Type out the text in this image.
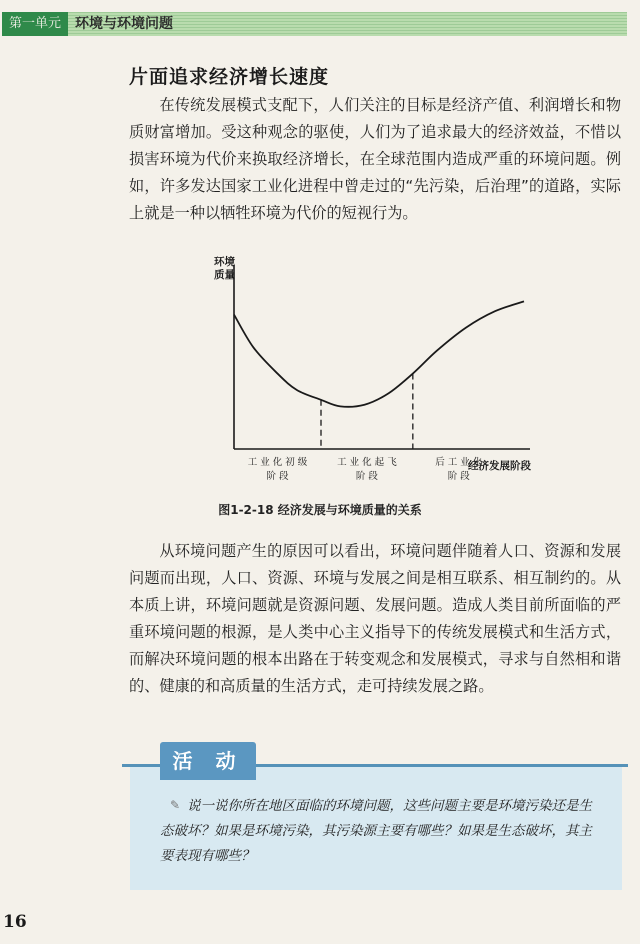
第一单元	环境与环境问题
片面追求经济增长速度

在传统发展模式支配下，人们关注的目标是经济产值、利润增长和物质财富增加。受这种观念的驱使，人们为了追求最大的经济效益，不惜以损害环境为代价来换取经济增长，在全球范围内造成严重的环境问题。例如，许多发达国家工业化进程中曾走过的“先污染，后治理”的道路，实际上就是一种以牺牲环境为代价的短视行为。

环境质量
工 业 化 初 级
阶 段
工 业 化 起 飞
阶 段
后 工 业 化
阶 段
经济发展阶段
图1-2-18 经济发展与环境质量的关系

从环境问题产生的原因可以看出，环境问题伴随着人口、资源和发展问题而出现，人口、资源、环境与发展之间是相互联系、相互制约的。从本质上讲，环境问题就是资源问题、发展问题。造成人类目前所面临的严重环境问题的根源，是人类中心主义指导下的传统发展模式和生活方式，而解决环境问题的根本出路在于转变观念和发展模式，寻求与自然相和谐的、健康的和高质量的生活方式，走可持续发展之路。

活 动
✎ 说一说你所在地区面临的环境问题，这些问题主要是环境污染还是生态破坏？如果是环境污染，其污染源主要有哪些？如果是生态破坏，其主要表现有哪些？

16
